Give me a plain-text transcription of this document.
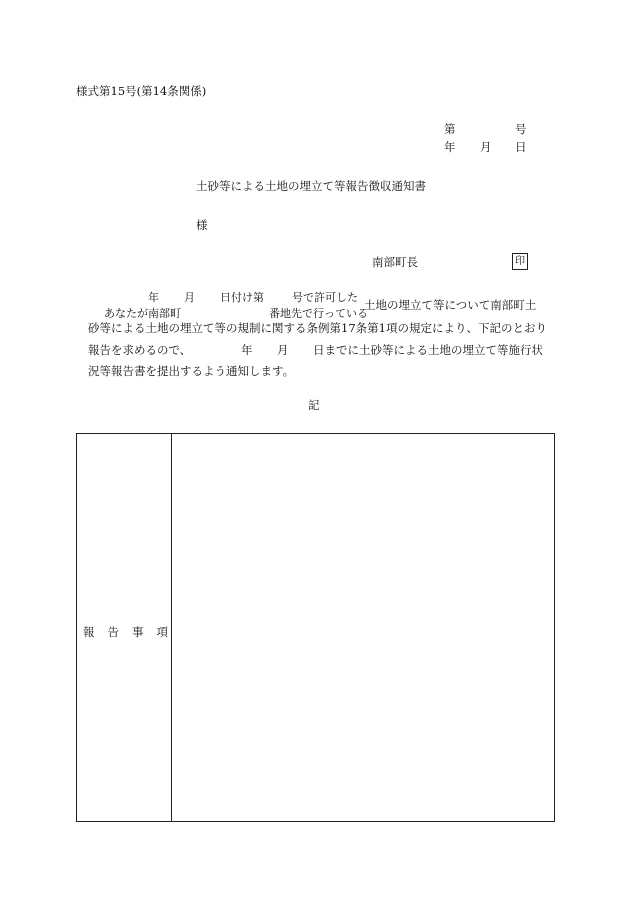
様式第15号(第14条関係)
第	号
年 月 日
土砂等による土地の埋立て等報告徴収通知書
様
南部町長	印
年 月 日付け第	号で許可した
あなたが南部町	番地先で行っている
土地の埋立て等について南部町土
砂等による土地の埋立て等の規制に関する条例第17条第1項の規定により、下記のとおり
報告を求めるので、	年 月 日までに土砂等による土地の埋立て等施行状
況等報告書を提出するよう通知します。
記
報告事項
